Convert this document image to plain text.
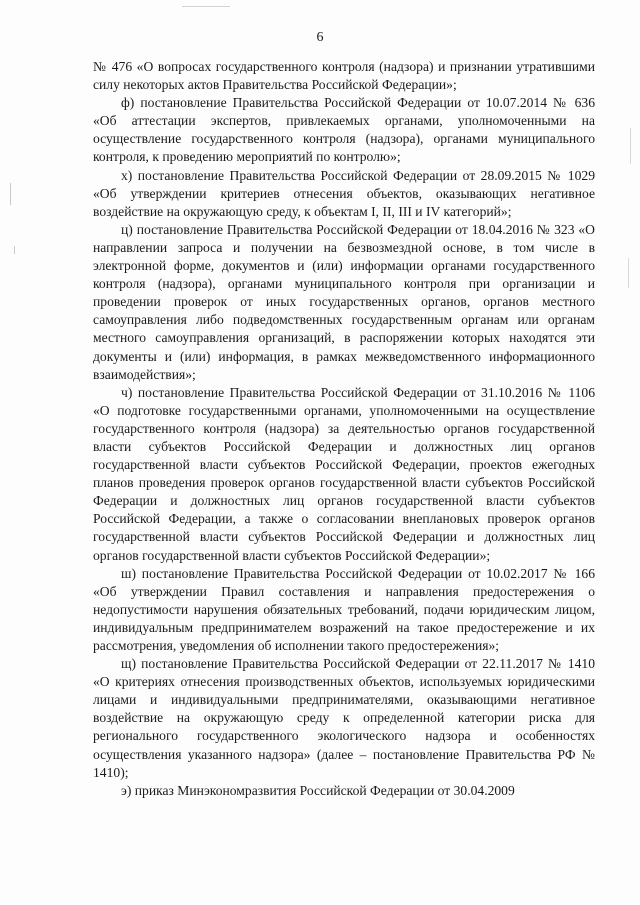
6

№ 476 «О вопросах государственного контроля (надзора) и признании утратившими силу некоторых актов Правительства Российской Федерации»;

ф) постановление Правительства Российской Федерации от 10.07.2014 № 636 «Об аттестации экспертов, привлекаемых органами, уполномоченными на осуществление государственного контроля (надзора), органами муниципального контроля, к проведению мероприятий по контролю»;

х) постановление Правительства Российской Федерации от 28.09.2015 № 1029 «Об утверждении критериев отнесения объектов, оказывающих негативное воздействие на окружающую среду, к объектам I, II, III и IV категорий»;

ц) постановление Правительства Российской Федерации от 18.04.2016 № 323 «О направлении запроса и получении на безвозмездной основе, в том числе в электронной форме, документов и (или) информации органами государственного контроля (надзора), органами муниципального контроля при организации и проведении проверок от иных государственных органов, органов местного самоуправления либо подведомственных государственным органам или органам местного самоуправления организаций, в распоряжении которых находятся эти документы и (или) информация, в рамках межведомственного информационного взаимодействия»;

ч) постановление Правительства Российской Федерации от 31.10.2016 № 1106 «О подготовке государственными органами, уполномоченными на осуществление государственного контроля (надзора) за деятельностью органов государственной власти субъектов Российской Федерации и должностных лиц органов государственной власти субъектов Российской Федерации, проектов ежегодных планов проведения проверок органов государственной власти субъектов Российской Федерации и должностных лиц органов государственной власти субъектов Российской Федерации, а также о согласовании внеплановых проверок органов государственной власти субъектов Российской Федерации и должностных лиц органов государственной власти субъектов Российской Федерации»;

ш) постановление Правительства Российской Федерации от 10.02.2017 № 166 «Об утверждении Правил составления и направления предостережения о недопустимости нарушения обязательных требований, подачи юридическим лицом, индивидуальным предпринимателем возражений на такое предостережение и их рассмотрения, уведомления об исполнении такого предостережения»;

щ) постановление Правительства Российской Федерации от 22.11.2017 № 1410 «О критериях отнесения производственных объектов, используемых юридическими лицами и индивидуальными предпринимателями, оказывающими негативное воздействие на окружающую среду к определенной категории риска для регионального государственного экологического надзора и особенностях осуществления указанного надзора» (далее – постановление Правительства РФ № 1410);

э) приказ Минэкономразвития Российской Федерации от 30.04.2009
